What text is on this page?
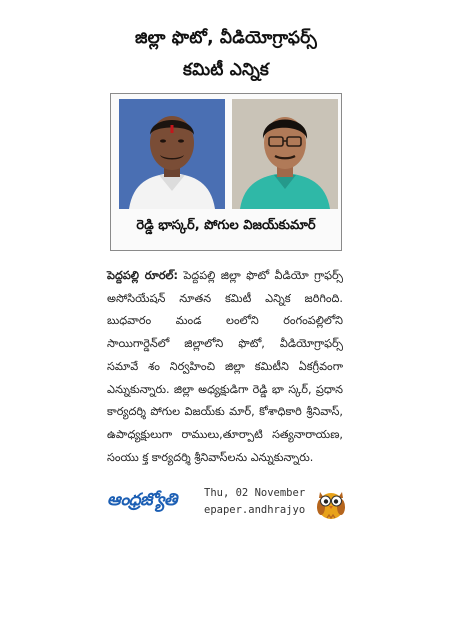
జిల్లా ఫొటో, వీడియోగ్రాఫర్స్
కమిటీ ఎన్నిక
రెడ్డి భాస్కర్, పోగుల విజయ్‌కుమార్
పెద్దపల్లి రూరల్: పెద్దపల్లి జిల్లా ఫొటో వీడియో గ్రాఫర్స్ అసోసియేషన్ నూతన కమిటీ ఎన్నిక జరిగింది. బుధవారం మండ లంలోని రంగంపల్లిలోని సాయిగార్డెన్‌లో జిల్లాలోని ఫొటో, వీడియోగ్రాఫర్స్ సమావే శం నిర్వహించి జిల్లా కమిటీని ఏకగ్రీవంగా ఎన్నుకున్నారు. జిల్లా అధ్యక్షుడిగా రెడ్డి భా స్కర్, ప్రధాన కార్యదర్శి పోగుల విజయ్‌కు మార్, కోశాధికారి శ్రీనివాస్, ఉపాధ్యక్షులుగా రాములు,తూర్పాటి సత్యనారాయణ, సంయు క్త కార్యదర్శి శ్రీనివాస్‌లను ఎన్నుకున్నారు.
ఆంధ్రజ్యోతి	Thu, 02 November
epaper.andhrajyo
